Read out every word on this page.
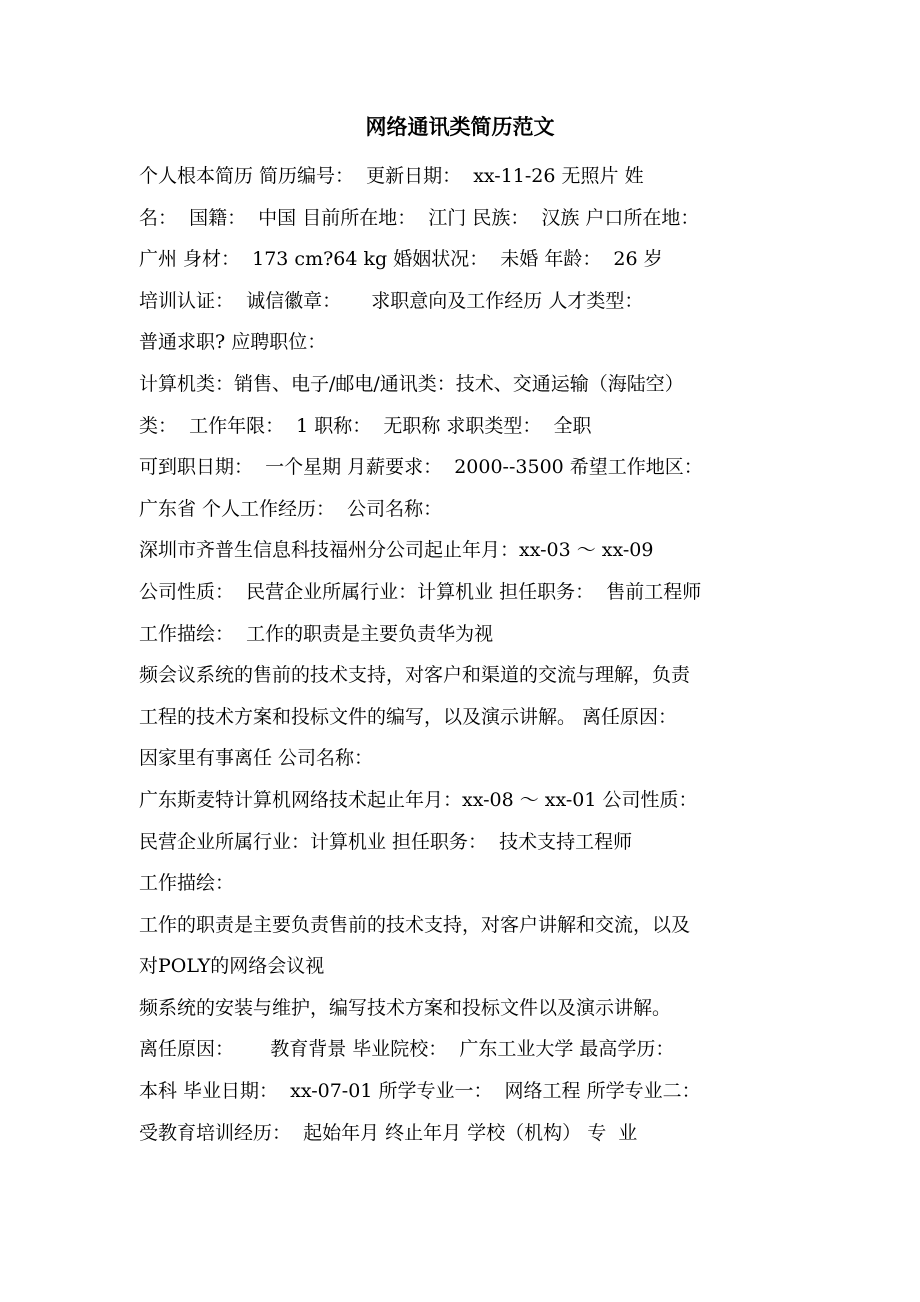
网络通讯类简历范文
个人根本简历 简历编号：  更新日期：  xx-11-26 无照片 姓
名：  国籍：  中国 目前所在地：  江门 民族：  汉族 户口所在地：
广州 身材：  173 cm?64 kg 婚姻状况：  未婚 年龄：  26 岁
培训认证：  诚信徽章：     求职意向及工作经历 人才类型：
普通求职? 应聘职位：
计算机类：销售、电子/邮电/通讯类：技术、交通运输（海陆空）
类：  工作年限：  1 职称：  无职称 求职类型：  全职
可到职日期：  一个星期 月薪要求：  2000--3500 希望工作地区：
广东省 个人工作经历：  公司名称：
深圳市齐普生信息科技福州分公司起止年月：xx-03 ～ xx-09
公司性质：  民营企业所属行业：计算机业 担任职务：  售前工程师
工作描绘：  工作的职责是主要负责华为视
频会议系统的售前的技术支持，对客户和渠道的交流与理解，负责
工程的技术方案和投标文件的编写，以及演示讲解。 离任原因：
因家里有事离任 公司名称：
广东斯麦特计算机网络技术起止年月：xx-08 ～ xx-01 公司性质：
民营企业所属行业：计算机业 担任职务：  技术支持工程师
工作描绘：
工作的职责是主要负责售前的技术支持，对客户讲解和交流，以及
对POLY的网络会议视
频系统的安装与维护，编写技术方案和投标文件以及演示讲解。
离任原因：      教育背景 毕业院校：  广东工业大学 最高学历：
本科 毕业日期：  xx-07-01 所学专业一：  网络工程 所学专业二：
受教育培训经历：  起始年月 终止年月 学校（机构） 专  业
